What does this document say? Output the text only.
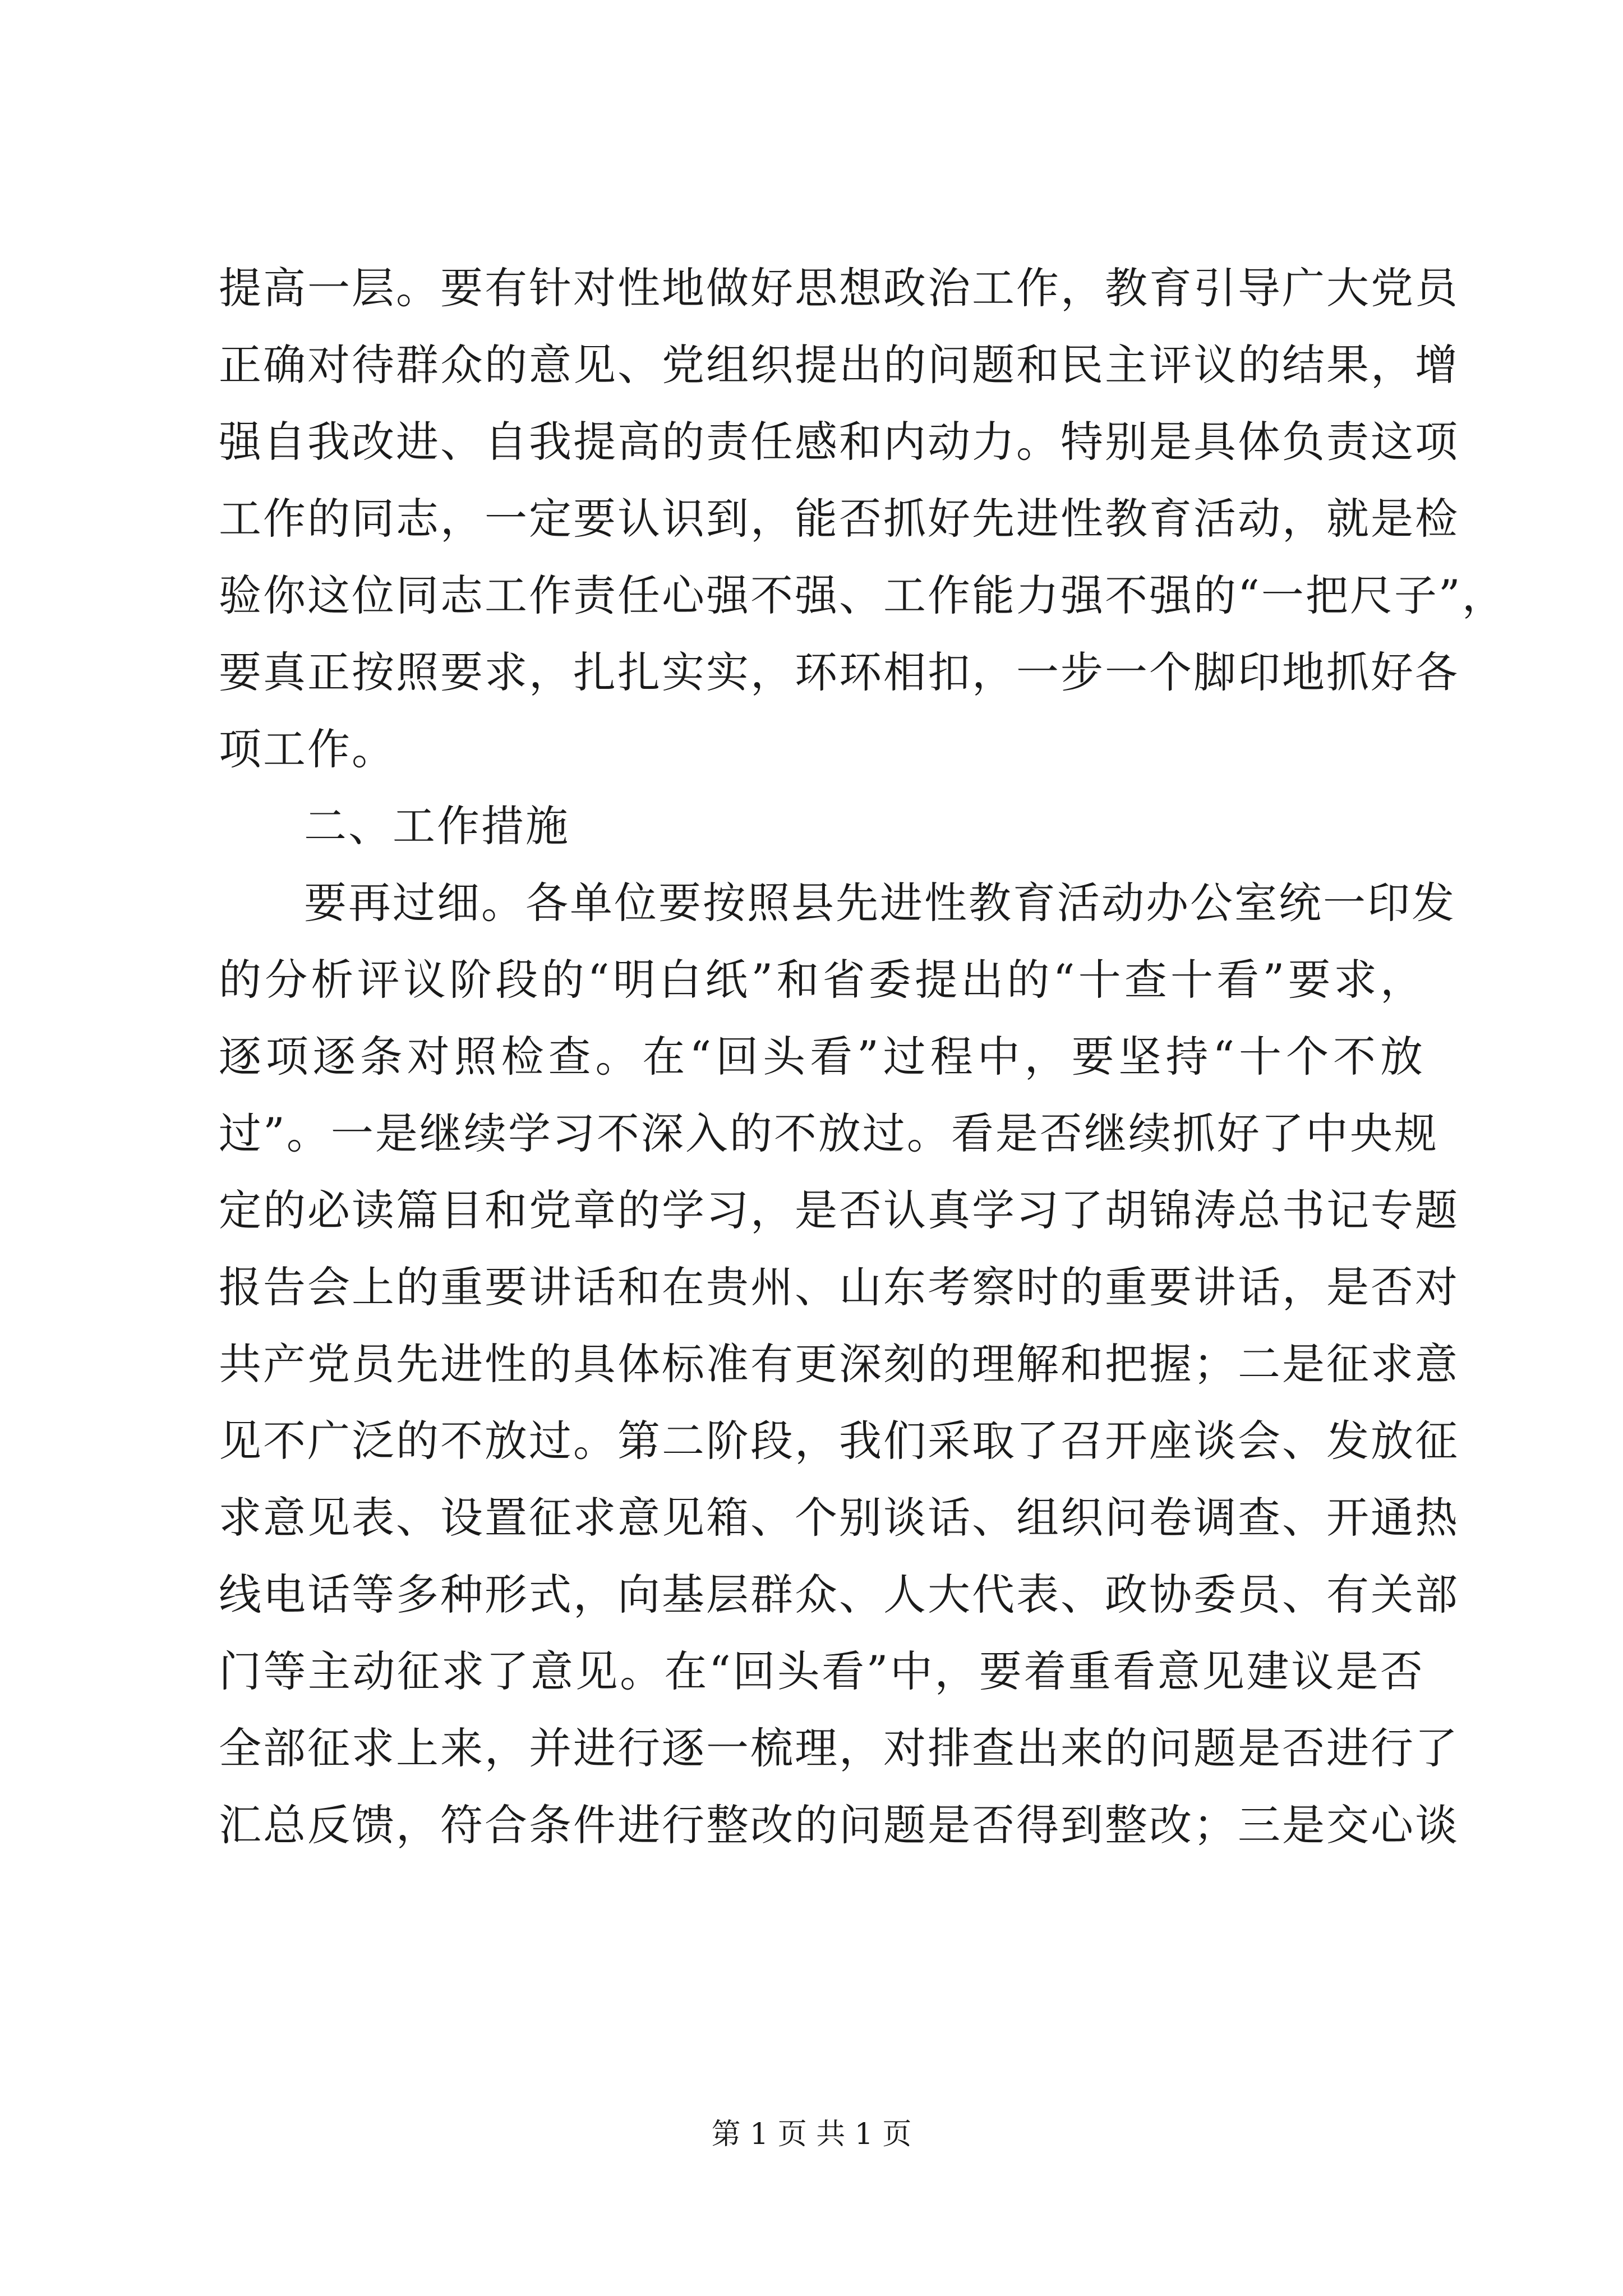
提高一层。要有针对性地做好思想政治工作，教育引导广大党员
正确对待群众的意见、党组织提出的问题和民主评议的结果，增
强自我改进、自我提高的责任感和内动力。特别是具体负责这项
工作的同志，一定要认识到，能否抓好先进性教育活动，就是检
验你这位同志工作责任心强不强、工作能力强不强的“一把尺子”，
要真正按照要求，扎扎实实，环环相扣，一步一个脚印地抓好各
项工作。
二、工作措施
要再过细。各单位要按照县先进性教育活动办公室统一印发
的分析评议阶段的“明白纸”和省委提出的“十查十看”要求，
逐项逐条对照检查。在“回头看”过程中，要坚持“十个不放
过”。一是继续学习不深入的不放过。看是否继续抓好了中央规
定的必读篇目和党章的学习，是否认真学习了胡锦涛总书记专题
报告会上的重要讲话和在贵州、山东考察时的重要讲话，是否对
共产党员先进性的具体标准有更深刻的理解和把握；二是征求意
见不广泛的不放过。第二阶段，我们采取了召开座谈会、发放征
求意见表、设置征求意见箱、个别谈话、组织问卷调查、开通热
线电话等多种形式，向基层群众、人大代表、政协委员、有关部
门等主动征求了意见。在“回头看”中，要着重看意见建议是否
全部征求上来，并进行逐一梳理，对排查出来的问题是否进行了
汇总反馈，符合条件进行整改的问题是否得到整改；三是交心谈
第 1 页 共 1 页
